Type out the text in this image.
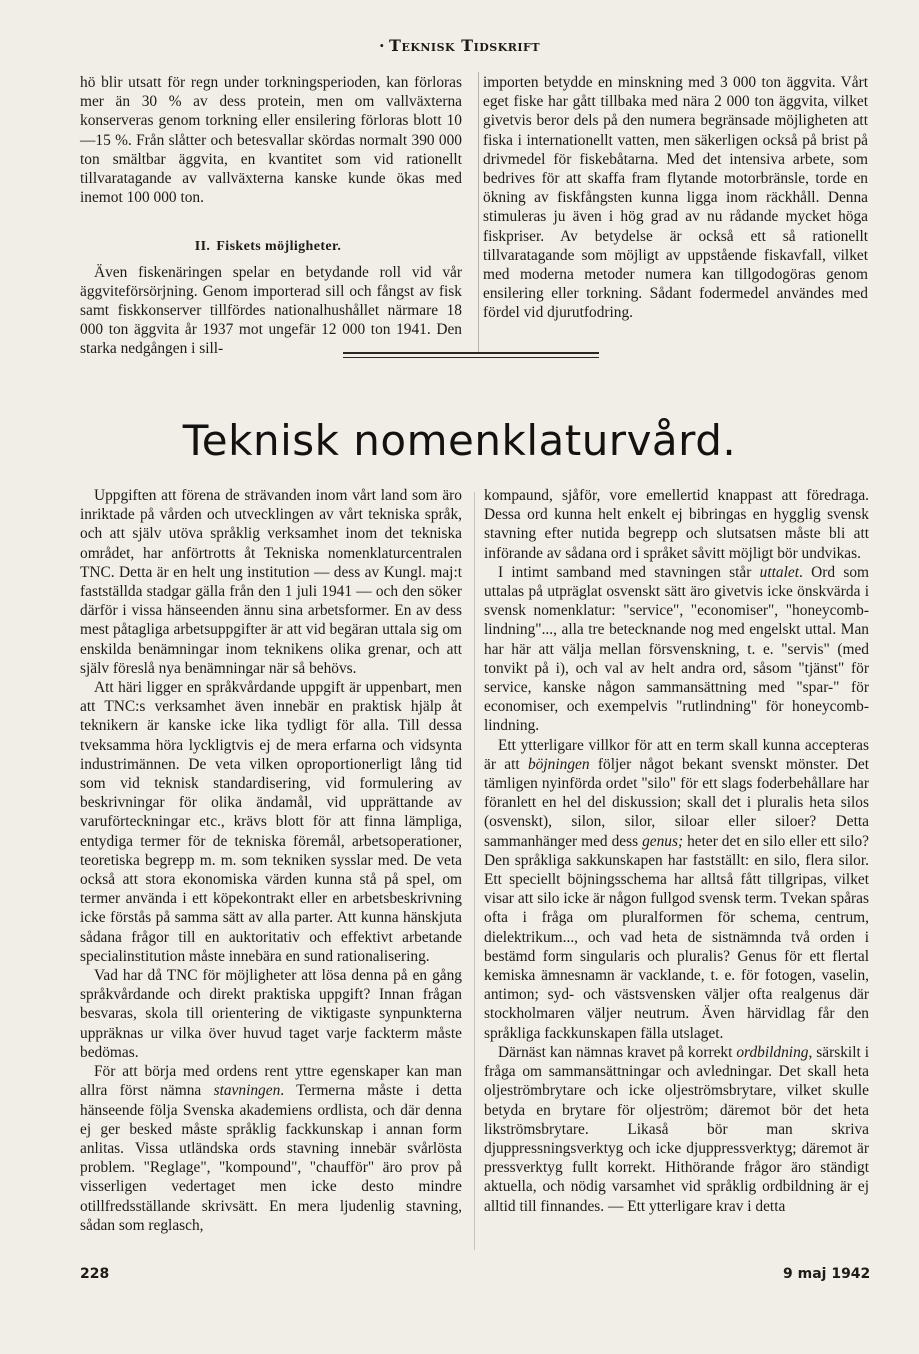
· Teknisk Tidskrift

hö blir utsatt för regn under torkningsperioden, kan förloras mer än 30 % av dess protein, men om vallväxterna konserveras genom torkning eller ensilering förloras blott 10—15 %. Från slåtter och betesvallar skördas normalt 390 000 ton smältbar äggvita, en kvantitet som vid rationellt tillvaratagande av vallväxterna kanske kunde ökas med inemot 100 000 ton.

II. Fiskets möjligheter.

Även fiskenäringen spelar en betydande roll vid vår äggviteförsörjning. Genom importerad sill och fångst av fisk samt fiskkonserver tillfördes nationalhushållet närmare 18 000 ton äggvita år 1937 mot ungefär 12 000 ton 1941. Den starka nedgången i sill-

importen betydde en minskning med 3 000 ton äggvita. Vårt eget fiske har gått tillbaka med nära 2 000 ton äggvita, vilket givetvis beror dels på den numera begränsade möjligheten att fiska i internationellt vatten, men säkerligen också på brist på drivmedel för fiskebåtarna. Med det intensiva arbete, som bedrives för att skaffa fram flytande motorbränsle, torde en ökning av fiskfångsten kunna ligga inom räckhåll. Denna stimuleras ju även i hög grad av nu rådande mycket höga fiskpriser. Av betydelse är också ett så rationellt tillvaratagande som möjligt av uppstående fiskavfall, vilket med moderna metoder numera kan tillgodogöras genom ensilering eller torkning. Sådant fodermedel användes med fördel vid djurutfodring.

Teknisk nomenklaturvård.

Uppgiften att förena de strävanden inom vårt land som äro inriktade på vården och utvecklingen av vårt tekniska språk, och att själv utöva språklig verksamhet inom det tekniska området, har anförtrotts åt Tekniska nomenklaturcentralen TNC. Detta är en helt ung institution — dess av Kungl. maj:t fastställda stadgar gälla från den 1 juli 1941 — och den söker därför i vissa hänseenden ännu sina arbetsformer. En av dess mest påtagliga arbetsuppgifter är att vid begäran uttala sig om enskilda benämningar inom teknikens olika grenar, och att själv föreslå nya benämningar när så behövs.

Att häri ligger en språkvårdande uppgift är uppenbart, men att TNC:s verksamhet även innebär en praktisk hjälp åt teknikern är kanske icke lika tydligt för alla. Till dessa tveksamma höra lyckligtvis ej de mera erfarna och vidsynta industrimännen. De veta vilken oproportionerligt lång tid som vid teknisk standardisering, vid formulering av beskrivningar för olika ändamål, vid upprättande av varuförteckningar etc., krävs blott för att finna lämpliga, entydiga termer för de tekniska föremål, arbetsoperationer, teoretiska begrepp m. m. som tekniken sysslar med. De veta också att stora ekonomiska värden kunna stå på spel, om termer använda i ett köpekontrakt eller en arbetsbeskrivning icke förstås på samma sätt av alla parter. Att kunna hänskjuta sådana frågor till en auktoritativ och effektivt arbetande specialinstitution måste innebära en sund rationalisering.

Vad har då TNC för möjligheter att lösa denna på en gång språkvårdande och direkt praktiska uppgift? Innan frågan besvaras, skola till orientering de viktigaste synpunkterna uppräknas ur vilka över huvud taget varje fackterm måste bedömas.

För att börja med ordens rent yttre egenskaper kan man allra först nämna stavningen. Termerna måste i detta hänseende följa Svenska akademiens ordlista, och där denna ej ger besked måste språklig fackkunskap i annan form anlitas. Vissa utländska ords stavning innebär svårlösta problem. "Reglage", "kompound", "chaufför" äro prov på visserligen vedertaget men icke desto mindre otillfredsställande skrivsätt. En mera ljudenlig stavning, sådan som reglasch,

kompaund, sjåför, vore emellertid knappast att föredraga. Dessa ord kunna helt enkelt ej bibringas en hygglig svensk stavning efter nutida begrepp och slutsatsen måste bli att införande av sådana ord i språket såvitt möjligt bör undvikas.

I intimt samband med stavningen står uttalet. Ord som uttalas på utpräglat osvenskt sätt äro givetvis icke önskvärda i svensk nomenklatur: "service", "economiser", "honeycomb-lindning"..., alla tre betecknande nog med engelskt uttal. Man har här att välja mellan försvenskning, t. e. "servis" (med tonvikt på i), och val av helt andra ord, såsom "tjänst" för service, kanske någon sammansättning med "spar-" för economiser, och exempelvis "rutlindning" för honeycomb-lindning.

Ett ytterligare villkor för att en term skall kunna accepteras är att böjningen följer något bekant svenskt mönster. Det tämligen nyinförda ordet "silo" för ett slags foderbehållare har föranlett en hel del diskussion; skall det i pluralis heta silos (osvenskt), silon, silor, siloar eller siloer? Detta sammanhänger med dess genus; heter det en silo eller ett silo? Den språkliga sakkunskapen har fastställt: en silo, flera silor. Ett speciellt böjningsschema har alltså fått tillgripas, vilket visar att silo icke är någon fullgod svensk term. Tvekan spåras ofta i fråga om pluralformen för schema, centrum, dielektrikum..., och vad heta de sistnämnda två orden i bestämd form singularis och pluralis? Genus för ett flertal kemiska ämnesnamn är vacklande, t. e. för fotogen, vaselin, antimon; syd- och västsvensken väljer ofta realgenus där stockholmaren väljer neutrum. Även härvidlag får den språkliga fackkunskapen fälla utslaget.

Därnäst kan nämnas kravet på korrekt ordbildning, särskilt i fråga om sammansättningar och avledningar. Det skall heta oljeströmbrytare och icke oljeströmsbrytare, vilket skulle betyda en brytare för oljeström; däremot bör det heta likströmsbrytare. Likaså bör man skriva djuppressningsverktyg och icke djuppressverktyg; däremot är pressverktyg fullt korrekt. Hithörande frågor äro ständigt aktuella, och nödig varsamhet vid språklig ordbildning är ej alltid till finnandes. — Ett ytterligare krav i detta

228	9 maj 1942
